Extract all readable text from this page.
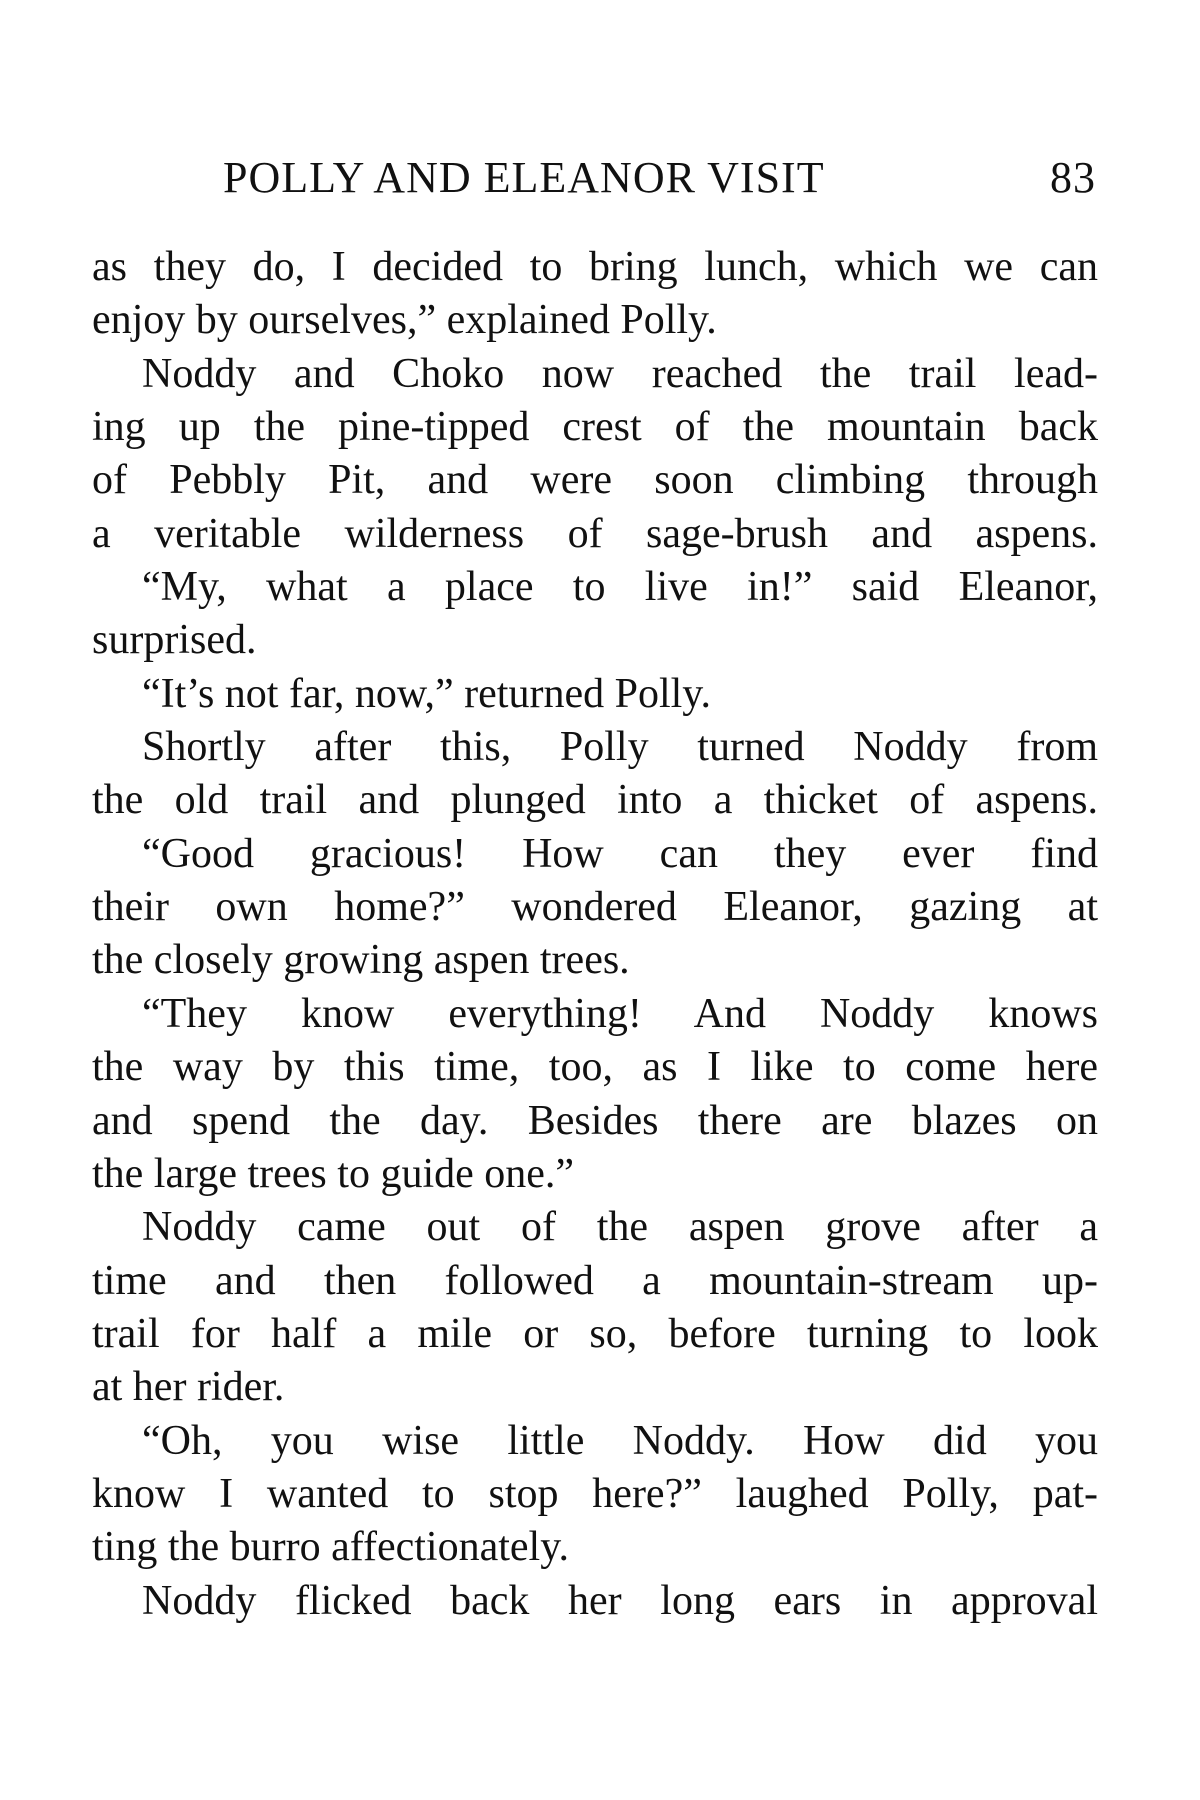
POLLY AND ELEANOR VISIT	83
as they do, I decided to bring lunch, which we can
enjoy by ourselves,” explained Polly.
Noddy and Choko now reached the trail lead-
ing up the pine-tipped crest of the mountain back
of Pebbly Pit, and were soon climbing through
a veritable wilderness of sage-brush and aspens.
“My, what a place to live in!” said Eleanor,
surprised.
“It’s not far, now,” returned Polly.
Shortly after this, Polly turned Noddy from
the old trail and plunged into a thicket of aspens.
“Good gracious! How can they ever find
their own home?” wondered Eleanor, gazing at
the closely growing aspen trees.
“They know everything! And Noddy knows
the way by this time, too, as I like to come here
and spend the day. Besides there are blazes on
the large trees to guide one.”
Noddy came out of the aspen grove after a
time and then followed a mountain-stream up-
trail for half a mile or so, before turning to look
at her rider.
“Oh, you wise little Noddy. How did you
know I wanted to stop here?” laughed Polly, pat-
ting the burro affectionately.
Noddy flicked back her long ears in approval
